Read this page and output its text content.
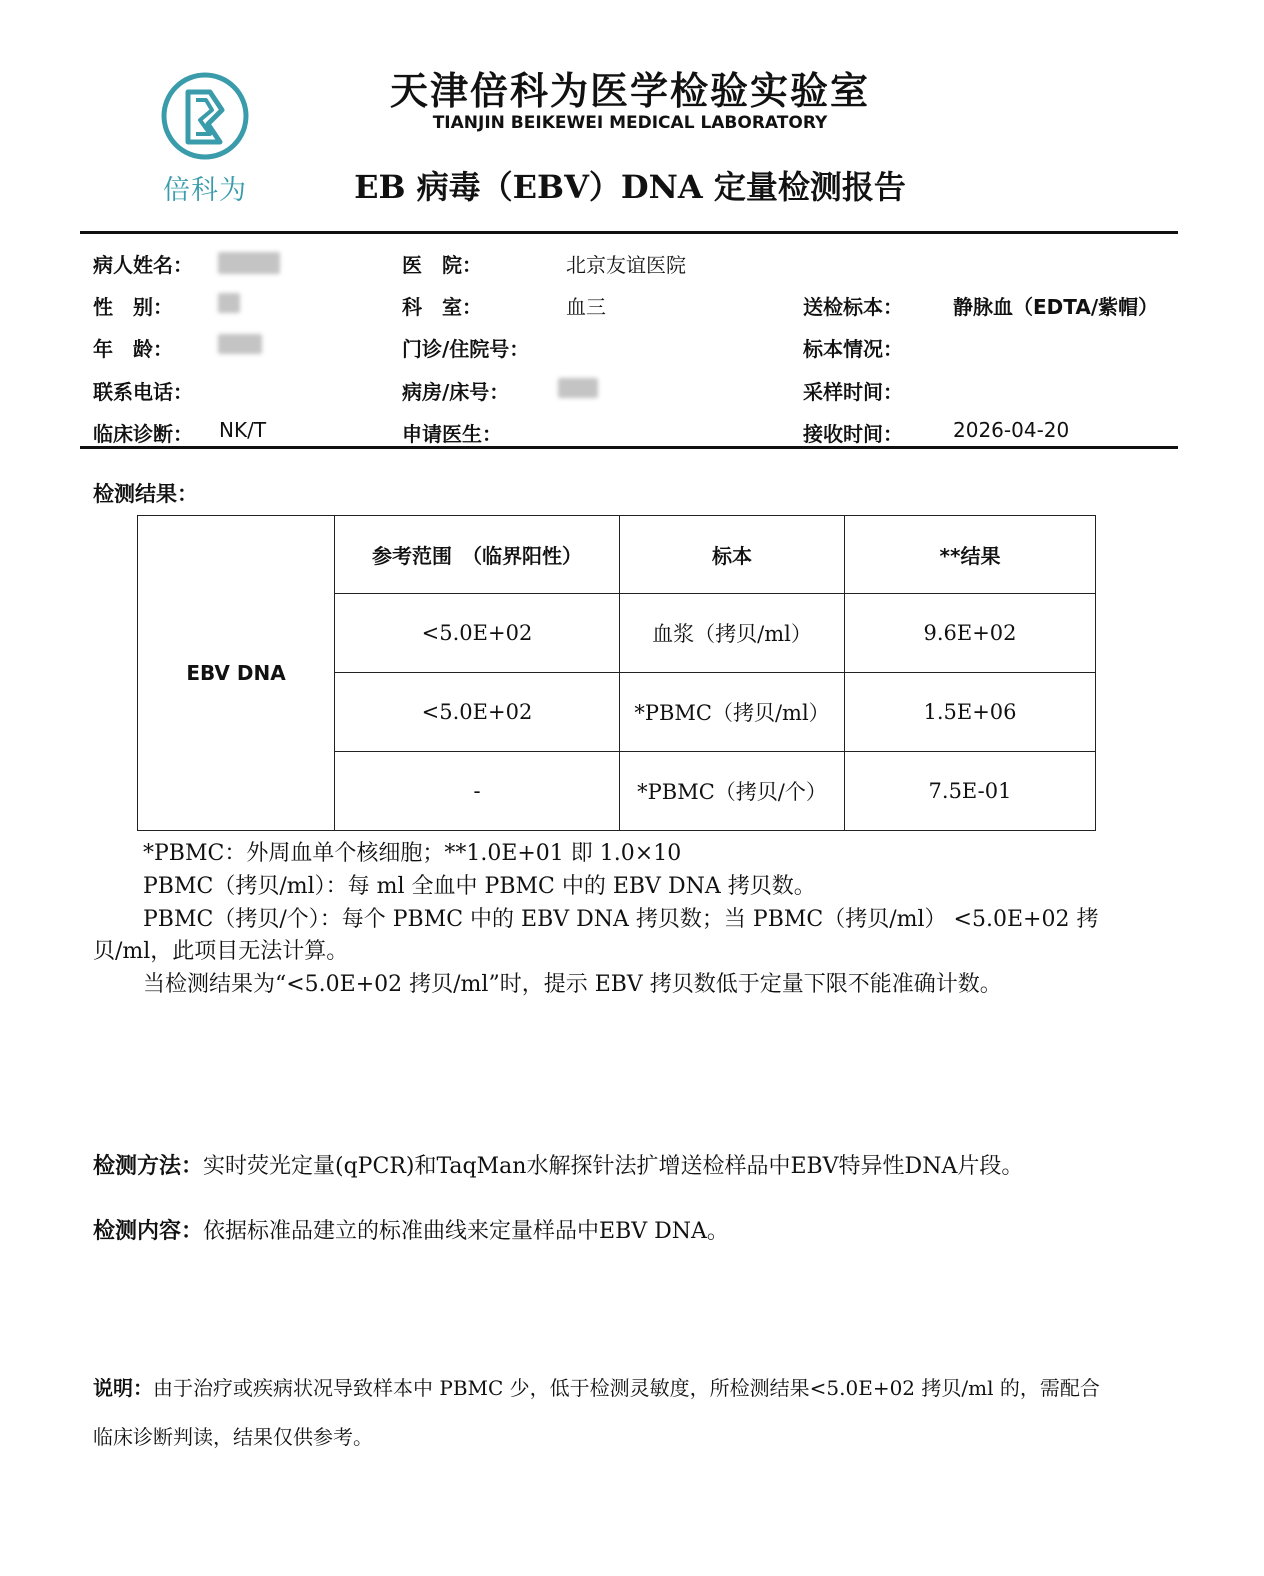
倍科为
天津倍科为医学检验实验室
TIANJIN BEIKEWEI MEDICAL LABORATORY
EB 病毒（EBV）DNA 定量检测报告
病人姓名：
性　别：
年　龄：
联系电话：
临床诊断： NK/T
医　院：	北京友谊医院
科　室：	血三
门诊/住院号：
病房/床号：
申请医生：
送检标本：	静脉血（EDTA/紫帽）
标本情况：
采样时间：
接收时间：	2026-04-20
检测结果：
EBV DNA	参考范围　（临界阳性）	标本	**结果
	<5.0E+02	血浆（拷贝/ml）	9.6E+02
	<5.0E+02	*PBMC（拷贝/ml）	1.5E+06
	-	*PBMC（拷贝/个）	7.5E-01
*PBMC：外周血单个核细胞；**1.0E+01 即 1.0×10
PBMC（拷贝/ml）：每 ml 全血中 PBMC 中的 EBV DNA 拷贝数。
PBMC（拷贝/个）：每个 PBMC 中的 EBV DNA 拷贝数；当 PBMC（拷贝/ml） <5.0E+02 拷
贝/ml，此项目无法计算。
当检测结果为“<5.0E+02 拷贝/ml”时，提示 EBV 拷贝数低于定量下限不能准确计数。
检测方法：实时荧光定量(qPCR)和TaqMan水解探针法扩增送检样品中EBV特异性DNA片段。
检测内容：依据标准品建立的标准曲线来定量样品中EBV DNA。
说明：由于治疗或疾病状况导致样本中 PBMC 少，低于检测灵敏度，所检测结果<5.0E+02 拷贝/ml 的，需配合
临床诊断判读，结果仅供参考。
